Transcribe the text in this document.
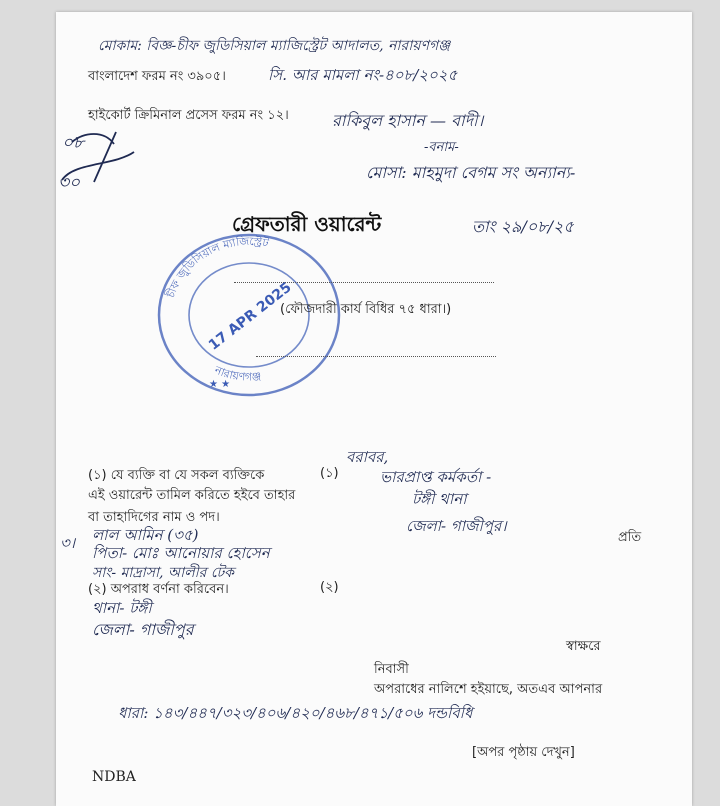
মোকাম: বিজ্ঞ-চীফ জুডিসিয়াল ম্যাজিস্ট্রেট আদালত, নারায়ণগঞ্জ
বাংলাদেশ ফরম নং ৩৯০৫।	সি. আর মামলা নং-৪০৮/২০২৫
হাইকোর্ট ক্রিমিনাল প্রসেস ফরম নং ১২।	রাকিবুল হাসান — বাদী।
-বনাম-
মোসা: মাহমুদা বেগম সং অন্যান্য-
০৮
৩০
গ্রেফতারী ওয়ারেন্ট	তাং ২৯/০৮/২৫
চীফ জুডিসিয়াল ম্যাজিস্ট্রেট
নারায়ণগঞ্জ
17 APR 2025
★ ★
(ফৌজদারী কার্য বিধির ৭৫ ধারা।)
(১) যে ব্যক্তি বা যে সকল ব্যক্তিকে	(১)
বরাবর,
ভারপ্রাপ্ত কর্মকর্তা -
এই ওয়ারেন্ট তামিল করিতে হইবে তাহার	টঙ্গী থানা
বা তাহাদিগের নাম ও পদ।	জেলা- গাজীপুর।
প্রতি
৩। লাল আমিন (৩৫)
পিতা- মোঃ আনোয়ার হোসেন
সাং- মাদ্রাসা, আলীর টেক
(২) অপরাধ বর্ণনা করিবেন।	(২)
থানা- টঙ্গী
জেলা- গাজীপুর
স্বাক্ষরে
নিবাসী
অপরাধের নালিশে হইয়াছে, অতএব আপনার
ধারা: ১৪৩/৪৪৭/৩২৩/৪০৬/৪২০/৪৬৮/৪৭১/৫০৬ দন্ডবিধি
[অপর পৃষ্ঠায় দেখুন]
NDBA
